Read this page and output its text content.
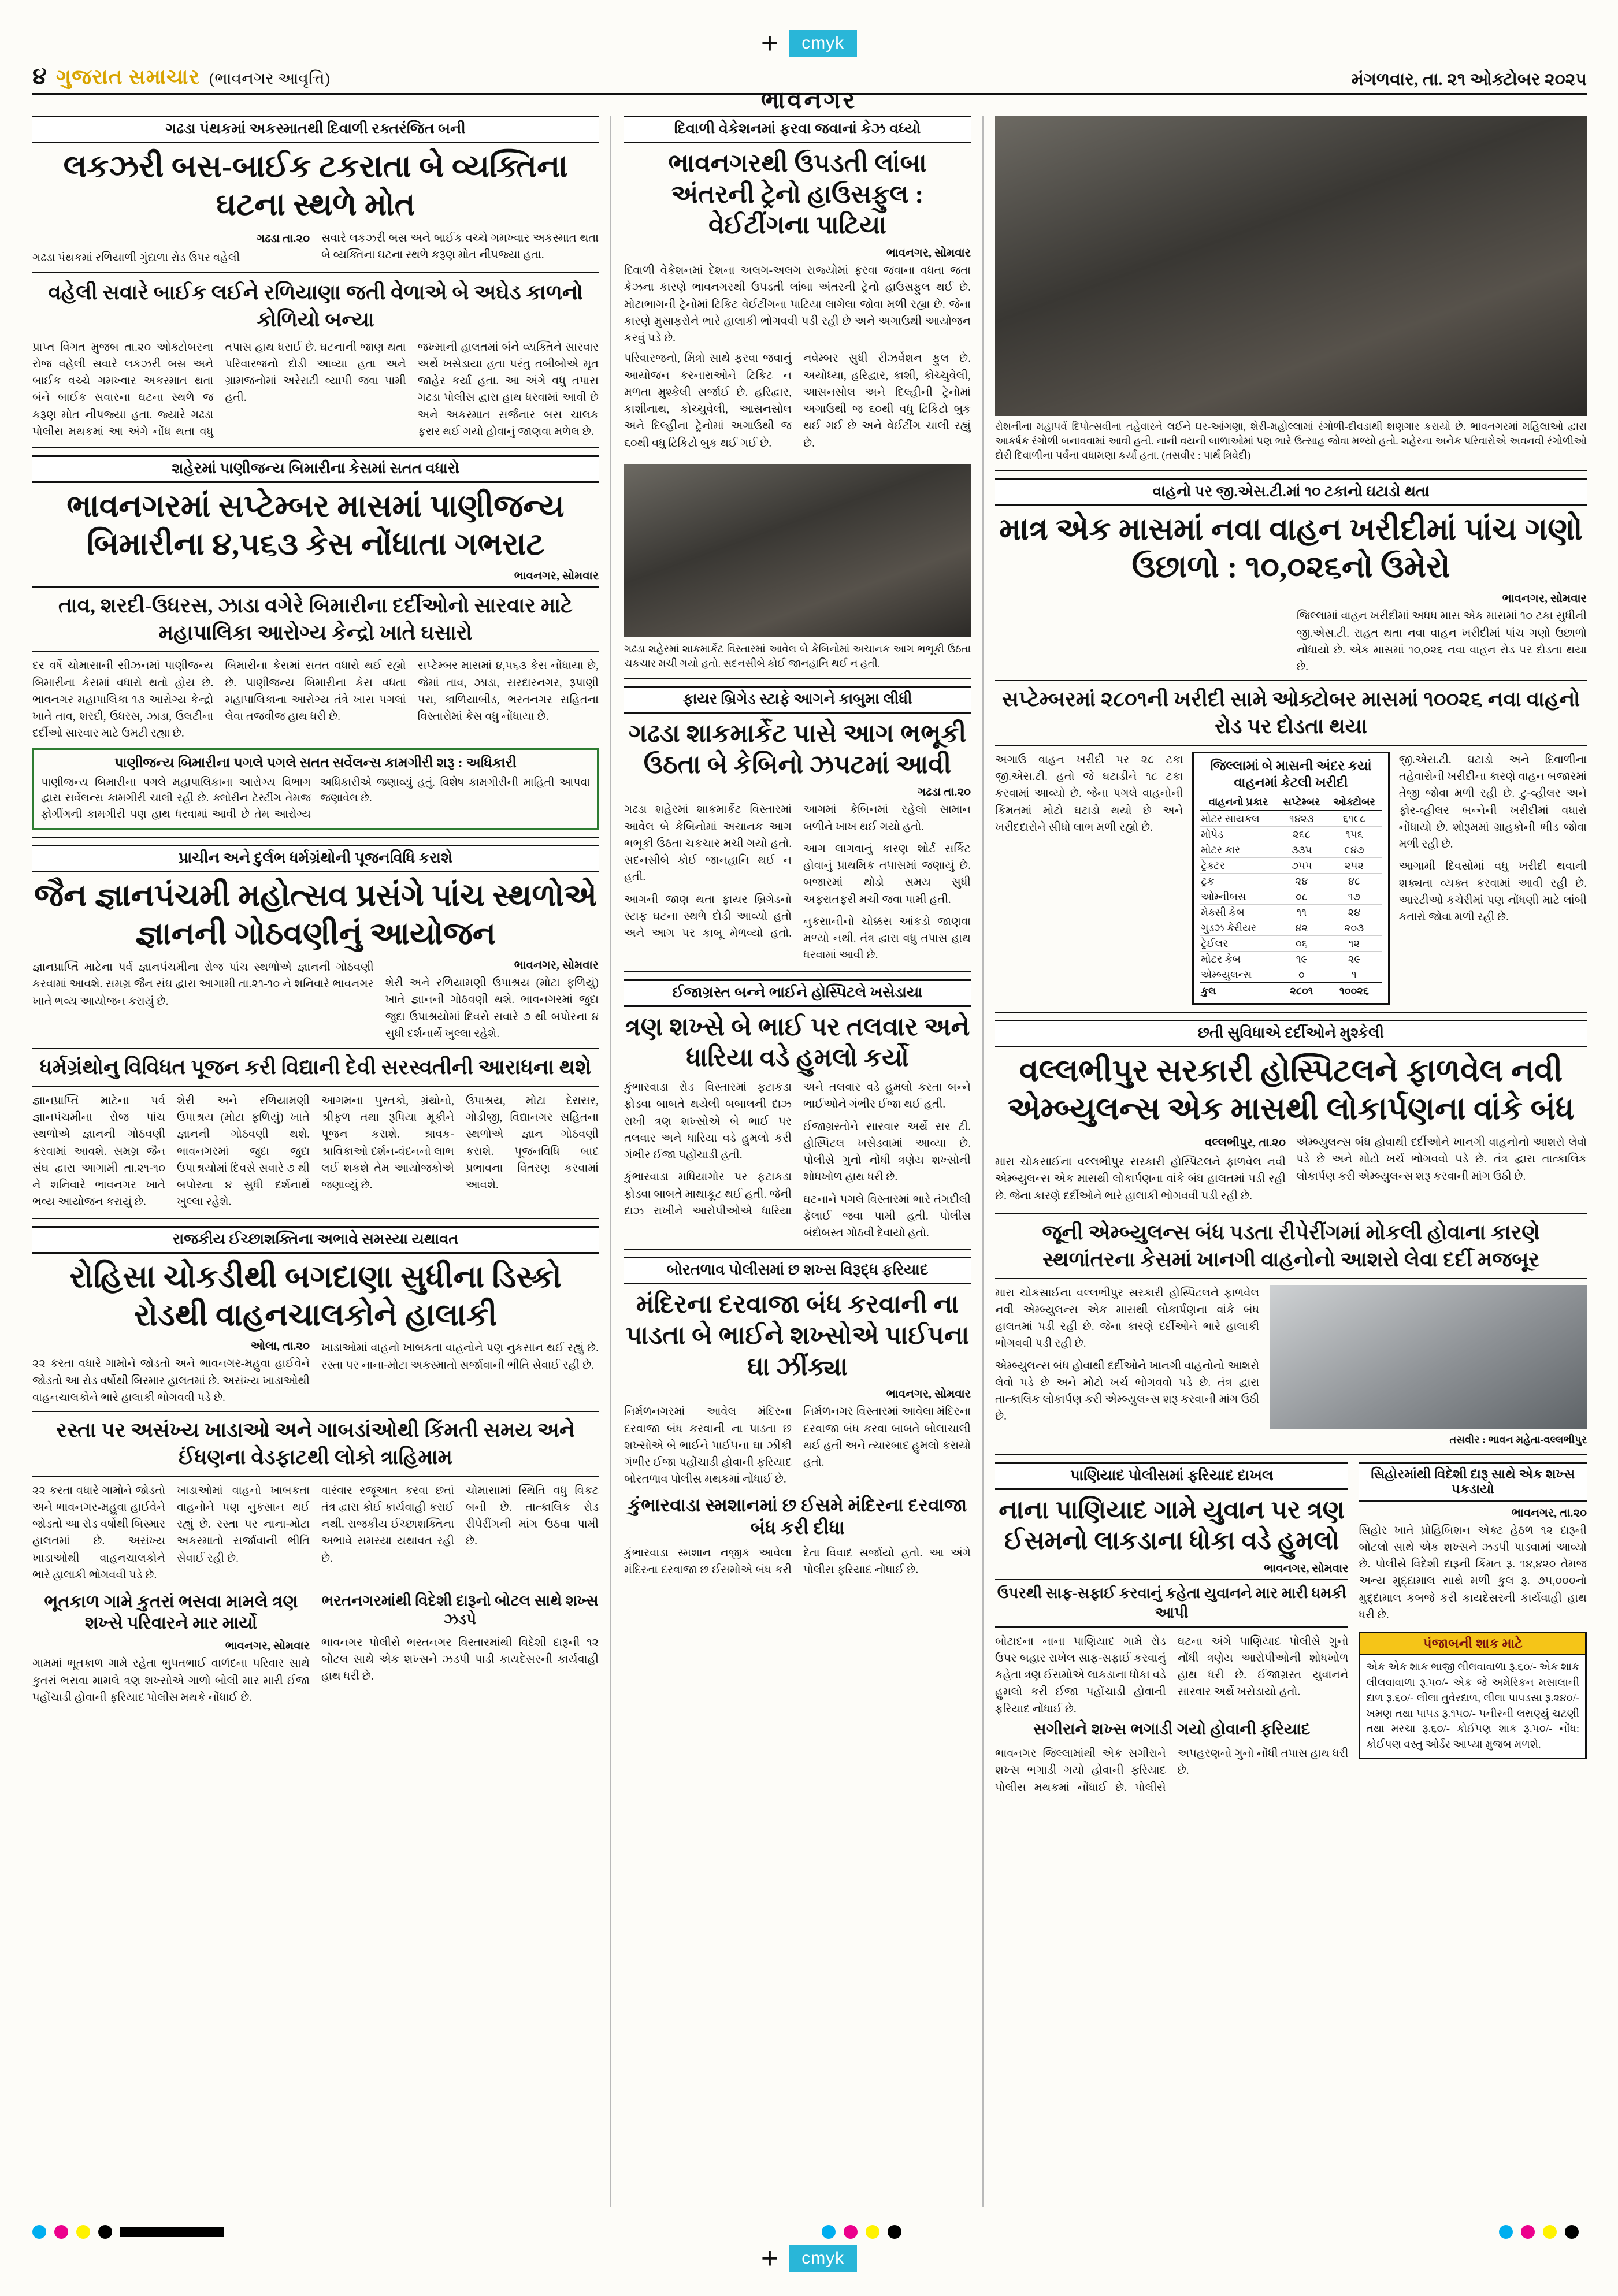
+	cmyk
૪ ગુજરાત સમાચાર (ભાવનગર આવૃત્તિ)	મંગળવાર, તા. ૨૧ ઓક્ટોબર ૨૦૨૫
ભાવનગર
ગઢડા પંથકમાં અકસ્માતથી દિવાળી રક્તરંજિત બની
લકઝરી બસ-બાઈક ટકરાતા બે વ્યક્તિના ઘટના સ્થળે મોત
ગઢડા તા.૨૦
ગઢડા પંથકમાં રળિયાળી ગુંદાળા રોડ ઉપર વહેલી
સવારે લકઝરી બસ અને બાઈક વચ્ચે ગમખ્વાર અકસ્માત થતા બે વ્યક્તિના ઘટના સ્થળે કરૂણ મોત નીપજ્યા હતા.
વહેલી સવારે બાઈક લઈને રળિયાણા જતી વેળાએ બે અઘેડ કાળનો કોળિયો બન્યા

પ્રાપ્ત વિગત મુજબ તા.૨૦ ઓક્ટોબરના રોજ વહેલી સવારે લકઝરી બસ અને બાઈક વચ્ચે ગમખ્વાર અકસ્માત થતા બંને બાઈક સવારના ઘટના સ્થળે જ કરૂણ મોત નીપજ્યા હતા. જ્યારે ગઢડા પોલીસ મથકમાં આ અંગે નોંધ થતા વધુ તપાસ હાથ ધરાઈ છે. ઘટનાની જાણ થતા પરિવારજનો દોડી આવ્યા હતા અને ગ્રામજનોમાં અરેરાટી વ્યાપી જવા પામી હતી.

જખ્માની હાલતમાં બંને વ્યક્તિને સારવાર અર્થે ખસેડાયા હતા પરંતુ તબીબોએ મૃત જાહેર કર્યા હતા. આ અંગે વધુ તપાસ ગઢડા પોલીસ દ્વારા હાથ ધરવામાં આવી છે અને અકસ્માત સર્જનાર બસ ચાલક ફરાર થઈ ગયો હોવાનું જાણવા મળેલ છે.

શહેરમાં પાણીજન્ય બિમારીના કેસમાં સતત વધારો
ભાવનગરમાં સપ્ટેમ્બર માસમાં પાણીજન્ય બિમારીના ૪,૫૬૩ કેસ નોંધાતા ગભરાટ
ભાવનગર, સોમવાર
તાવ, શરદી-ઉધરસ, ઝાડા વગેરે બિમારીના દર્દીઓનો સારવાર માટે મહાપાલિકા આરોગ્ય કેન્દ્રો ખાતે ઘસારો

દર વર્ષે ચોમાસાની સીઝનમાં પાણીજન્ય બિમારીના કેસમાં વધારો થતો હોય છે. ભાવનગર મહાપાલિકા ૧૩ આરોગ્ય કેન્દ્રો ખાતે તાવ, શરદી, ઉધરસ, ઝાડા, ઉલટીના દર્દીઓ સારવાર માટે ઉમટી રહ્યા છે.

બિમારીના કેસમાં સતત વધારો થઈ રહ્યો છે. પાણીજન્ય બિમારીના કેસ વધતા મહાપાલિકાના આરોગ્ય તંત્રે ખાસ પગલાં લેવા તજવીજ હાથ ધરી છે.

સપ્ટેમ્બર માસમાં ૪,૫૬૩ કેસ નોંધાયા છે, જેમાં તાવ, ઝાડા, સરદારનગર, રૂપાણી પરા, કાળિયાબીડ, ભરતનગર સહિતના વિસ્તારોમાં કેસ વધુ નોંધાયા છે.

પાણીજન્ય બિમારીના પગલે પગલે સતત સર્વેલન્સ કામગીરી શરૂ : અધિકારી
પાણીજન્ય બિમારીના પગલે મહાપાલિકાના આરોગ્ય વિભાગ દ્વારા સર્વેલન્સ કામગીરી ચાલી રહી છે. ક્લોરીન ટેસ્ટીંગ તેમજ ફોગીંગની કામગીરી પણ હાથ ધરવામાં આવી છે તેમ આરોગ્ય અધિકારીએ જણાવ્યું હતું. વિશેષ કામગીરીની માહિતી આપવા જણાવેલ છે.
પ્રાચીન અને દુર્લભ ધર્મગ્રંથોની પૂજનવિધિ કરાશે
જૈન જ્ઞાનપંચમી મહોત્સવ પ્રસંગે પાંચ સ્થળોએ જ્ઞાનની ગોઠવણીનું આયોજન
જ્ઞાનપ્રાપ્તિ માટેના પર્વ જ્ઞાનપંચમીના રોજ પાંચ સ્થળોએ જ્ઞાનની ગોઠવણી કરવામાં આવશે. સમગ્ર જૈન સંઘ દ્વારા આગામી તા.૨૧-૧૦ ને શનિવારે ભાવનગર ખાતે ભવ્ય આયોજન કરાયું છે.
ભાવનગર, સોમવાર
શેરી અને રળિયામણી ઉપાશ્રય (મોટા ફળિયું) ખાતે જ્ઞાનની ગોઠવણી થશે. ભાવનગરમાં જુદા જુદા ઉપાશ્રયોમાં દિવસે સવારે ૭ થી બપોરના ૪ સુધી દર્શનાર્થે ખુલ્લા રહેશે.
ધર્મગ્રંથોનુ વિવિધત પૂજન કરી વિદ્યાની દેવી સરસ્વતીની આરાધના થશે

જ્ઞાનપ્રાપ્તિ માટેના પર્વ જ્ઞાનપંચમીના રોજ પાંચ સ્થળોએ જ્ઞાનની ગોઠવણી કરવામાં આવશે. સમગ્ર જૈન સંઘ દ્વારા આગામી તા.૨૧-૧૦ ને શનિવારે ભાવનગર ખાતે ભવ્ય આયોજન કરાયું છે.

શેરી અને રળિયામણી ઉપાશ્રય (મોટા ફળિયું) ખાતે જ્ઞાનની ગોઠવણી થશે. ભાવનગરમાં જુદા જુદા ઉપાશ્રયોમાં દિવસે સવારે ૭ થી બપોરના ૪ સુધી દર્શનાર્થે ખુલ્લા રહેશે.

આગમના પુસ્તકો, ગ્રંથોનો, શ્રીફળ તથા રૂપિયા મૂકીને પૂજન કરાશે. શ્રાવક-શ્રાવિકાઓ દર્શન-વંદનનો લાભ લઈ શકશે તેમ આયોજકોએ જણાવ્યું છે.

ઉપાશ્રય, મોટા દેરાસર, ગોડીજી, વિદ્યાનગર સહિતના સ્થળોએ જ્ઞાન ગોઠવણી કરાશે. પૂજનવિધિ બાદ પ્રભાવના વિતરણ કરવામાં આવશે.

રાજકીય ઈચ્છાશક્તિના અભાવે સમસ્યા યથાવત
રોહિસા ચોકડીથી બગદાણા સુધીના ડિસ્કો રોડથી વાહનચાલકોને હાલાકી
ઓલા, તા.૨૦
૨૨ કરતા વધારે ગામોને જોડતો અને ભાવનગર-મહુવા હાઈવેને જોડતો આ રોડ વર્ષોથી બિસ્માર હાલતમાં છે. અસંખ્ય ખાડાઓથી વાહનચાલકોને ભારે હાલાકી ભોગવવી પડે છે.
ખાડાઓમાં વાહનો ખાબકતા વાહનોને પણ નુકસાન થઈ રહ્યું છે. રસ્તા પર નાના-મોટા અકસ્માતો સર્જાવાની ભીતિ સેવાઈ રહી છે.
રસ્તા પર અસંખ્ય ખાડાઓ અને ગાબડાંઓથી કિંમતી સમય અને ઈંધણના વેડફાટથી લોકો ત્રાહિમામ

૨૨ કરતા વધારે ગામોને જોડતો અને ભાવનગર-મહુવા હાઈવેને જોડતો આ રોડ વર્ષોથી બિસ્માર હાલતમાં છે. અસંખ્ય ખાડાઓથી વાહનચાલકોને ભારે હાલાકી ભોગવવી પડે છે.

ખાડાઓમાં વાહનો ખાબકતા વાહનોને પણ નુકસાન થઈ રહ્યું છે. રસ્તા પર નાના-મોટા અકસ્માતો સર્જાવાની ભીતિ સેવાઈ રહી છે.

વારંવાર રજૂઆત કરવા છતાં તંત્ર દ્વારા કોઈ કાર્યવાહી કરાઈ નથી. રાજકીય ઈચ્છાશક્તિના અભાવે સમસ્યા યથાવત રહી છે.

ચોમાસામાં સ્થિતિ વધુ વિકટ બની છે. તાત્કાલિક રોડ રીપેરીંગની માંગ ઉઠવા પામી છે.

ભૂતકાળ ગામે કુતરાં ભસવા મામલે ત્રણ શખ્સે પરિવારને માર માર્યો
ભાવનગર, સોમવાર
ગામમાં ભૂતકાળ ગામે રહેતા ભુપતભાઈ વાળંદના પરિવાર સાથે કુતરાં ભસવા મામલે ત્રણ શખ્સોએ ગાળો બોલી માર મારી ઈજા પહોંચાડી હોવાની ફરિયાદ પોલીસ મથકે નોંધાઈ છે.
ભરતનગરમાંથી વિદેશી દારૂનો બોટલ સાથે શખ્સ ઝડપે
ભાવનગર પોલીસે ભરતનગર વિસ્તારમાંથી વિદેશી દારૂની ૧૨ બોટલ સાથે એક શખ્સને ઝડપી પાડી કાયદેસરની કાર્યવાહી હાથ ધરી છે.
દિવાળી વેકેશનમાં ફરવા જવાનાં કેઝ વધ્યો
ભાવનગરથી ઉપડતી લાંબા અંતરની ટ્રેનો હાઉસફુલ : વેઈટીંગના પાટિયા
ભાવનગર, સોમવાર
દિવાળી વેકેશનમાં દેશના અલગ-અલગ રાજ્યોમાં ફરવા જવાના વધતા જતા ક્રેઝના કારણે ભાવનગરથી ઉપડતી લાંબા અંતરની ટ્રેનો હાઉસફુલ થઈ છે. મોટાભાગની ટ્રેનોમાં ટિકિટ વેઈટીંગના પાટિયા લાગેલા જોવા મળી રહ્યા છે. જેના કારણે મુસાફરોને ભારે હાલાકી ભોગવવી પડી રહી છે અને અગાઉથી આયોજન કરવું પડે છે.

પરિવારજનો, મિત્રો સાથે ફરવા જવાનું આયોજન કરનારાઓને ટિકિટ ન મળતા મુશ્કેલી સર્જાઈ છે. હરિદ્વાર, કાશીનાથ, કોચ્ચુવેલી, આસનસોલ અને દિલ્હીના ટ્રેનોમાં અગાઉથી જ ૬૦થી વધુ ટિકિટો બુક થઈ ગઈ છે.

નવેમ્બર સુધી રીઝર્વેશન ફુલ છે. અયોધ્યા, હરિદ્વાર, કાશી, કોચ્ચુવેલી, આસનસોલ અને દિલ્હીની ટ્રેનોમાં અગાઉથી જ ૬૦થી વધુ ટિકિટો બુક થઈ ગઈ છે અને વેઈટીંગ ચાલી રહ્યું છે.

ગઢડા શહેરમાં શાકમાર્કેટ વિસ્તારમાં આવેલ બે કેબિનોમાં અચાનક આગ ભભૂકી ઉઠતા ચકચાર મચી ગયો હતો. સદનસીબે કોઈ જાનહાનિ થઈ ન હતી.
ફાયર બ્રિગેડ સ્ટાફે આગને કાબુમા લીધી
ગઢડા શાકમાર્કેટ પાસે આગ ભભૂકી ઉઠતા બે કેબિનો ઝપટમાં આવી
ગઢડા તા.૨૦

ગઢડા શહેરમાં શાકમાર્કેટ વિસ્તારમાં આવેલ બે કેબિનોમાં અચાનક આગ ભભૂકી ઉઠતા ચકચાર મચી ગયો હતો. સદનસીબે કોઈ જાનહાનિ થઈ ન હતી.

આગની જાણ થતા ફાયર બ્રિગેડનો સ્ટાફ ઘટના સ્થળે દોડી આવ્યો હતો અને આગ પર કાબૂ મેળવ્યો હતો. આગમાં કેબિનમાં રહેલો સામાન બળીને ખાખ થઈ ગયો હતો.

આગ લાગવાનું કારણ શોર્ટ સર્કિટ હોવાનું પ્રાથમિક તપાસમાં જણાયું છે. બજારમાં થોડો સમય સુધી અફરાતફરી મચી જવા પામી હતી.

નુકસાનીનો ચોક્કસ આંકડો જાણવા મળ્યો નથી. તંત્ર દ્વારા વધુ તપાસ હાથ ધરવામાં આવી છે.

ઈજાગ્રસ્ત બન્ને ભાઈને હોસ્પિટલે ખસેડાયા
ત્રણ શખ્સે બે ભાઈ પર તલવાર અને ધારિયા વડે હુમલો કર્યો

કુંભારવાડા રોડ વિસ્તારમાં ફટાકડા ફોડવા બાબતે થયેલી બબાલની દાઝ રાખી ત્રણ શખ્સોએ બે ભાઈ પર તલવાર અને ધારિયા વડે હુમલો કરી ગંભીર ઈજા પહોંચાડી હતી.

કુંભારવાડા મધિયાગોર પર ફટાકડા ફોડવા બાબતે માથાકૂટ થઈ હતી. જેની દાઝ રાખીને આરોપીઓએ ધારિયા અને તલવાર વડે હુમલો કરતા બન્ને ભાઈઓને ગંભીર ઈજા થઈ હતી.

ઈજાગ્રસ્તોને સારવાર અર્થે સર ટી. હોસ્પિટલ ખસેડવામાં આવ્યા છે. પોલીસે ગુનો નોંધી ત્રણેય શખ્સોની શોધખોળ હાથ ધરી છે.

ઘટનાને પગલે વિસ્તારમાં ભારે તંગદીલી ફેલાઈ જવા પામી હતી. પોલીસ બંદોબસ્ત ગોઠવી દેવાયો હતો.

બોરતળાવ પોલીસમાં છ શખ્સ વિરૂદ્ધ ફરિયાદ
મંદિરના દરવાજા બંધ કરવાની ના પાડતા બે ભાઈને શખ્સોએ પાઈપના ઘા ઝીંક્યા
ભાવનગર, સોમવાર

નિર્મળનગરમાં આવેલ મંદિરના દરવાજા બંધ કરવાની ના પાડતા છ શખ્સોએ બે ભાઈને પાઈપના ઘા ઝીંકી ગંભીર ઈજા પહોંચાડી હોવાની ફરિયાદ બોરતળાવ પોલીસ મથકમાં નોંધાઈ છે.

નિર્મળનગર વિસ્તારમાં આવેલા મંદિરના દરવાજા બંધ કરવા બાબતે બોલાચાલી થઈ હતી અને ત્યારબાદ હુમલો કરાયો હતો.

કુંભારવાડા સ્મશાનમાં છ ઈસમે મંદિરના દરવાજા બંધ કરી દીધા
કુંભારવાડા સ્મશાન નજીક આવેલા મંદિરના દરવાજા છ ઈસમોએ બંધ કરી દેતા વિવાદ સર્જાયો હતો. આ અંગે પોલીસ ફરિયાદ નોંધાઈ છે.
રોશનીના મહાપર્વ દિપોત્સવીના તહેવારને લઈને ઘર-આંગણા, શેરી-મહોલ્લામાં રંગોળી-દીવડાથી શણગાર કરાયો છે. ભાવનગરમાં મહિલાઓ દ્વારા આકર્ષક રંગોળી બનાવવામાં આવી હતી. નાની વયની બાળાઓમાં પણ ભારે ઉત્સાહ જોવા મળ્યો હતો. શહેરના અનેક પરિવારોએ અવનવી રંગોળીઓ દોરી દિવાળીના પર્વના વધામણા કર્યા હતા. (તસવીર : પાર્થ ત્રિવેદી)
વાહનો પર જી.એસ.ટી.માં ૧૦ ટકાનો ઘટાડો થતા
માત્ર એક માસમાં નવા વાહન ખરીદીમાં પાંચ ગણો ઉછાળો : ૧૦,૦૨૬નો ઉમેરો
ભાવનગર, સોમવાર
જિલ્લામાં વાહન ખરીદીમાં અધધ માસ એક માસમાં ૧૦ ટકા સુધીની જી.એસ.ટી. રાહત થતા નવા વાહન ખરીદીમાં પાંચ ગણો ઉછાળો નોંધાયો છે. એક માસમાં ૧૦,૦૨૬ નવા વાહન રોડ પર દોડતા થયા છે.
સપ્ટેમ્બરમાં ૨૮૦૧ની ખરીદી સામે ઓક્ટોબર માસમાં ૧૦૦૨૬ નવા વાહનો રોડ પર દોડતા થયા

અગાઉ વાહન ખરીદી પર ૨૮ ટકા જી.એસ.ટી. હતો જે ઘટાડીને ૧૮ ટકા કરવામાં આવ્યો છે. જેના પગલે વાહનોની કિંમતમાં મોટો ઘટાડો થયો છે અને ખરીદદારોને સીધો લાભ મળી રહ્યો છે.

જિલ્લામાં બે માસની અંદર કયાં વાહનમાં કેટલી ખરીદી
વાહનનો પ્રકાર	સપ્ટેમ્બર	ઓક્ટોબર
મોટર સાયકલ	૧૪૨૩	૬૧૯૮
મોપેડ	૨૬૮	૧૫૬
મોટર કાર	૩૩૫	૯૪૭
ટ્રેક્ટર	૭૫૫	૨૫૨
ટ્રક	૨૪	૪૮
ઓમ્નીબસ	૦૮	૧૭
મેક્સી કેબ	૧૧	૨૪
ગુડઝ કેરીયર	૪૨	૨૦૩
ટ્રેઈલર	૦૬	૧૨
મોટર કેબ	૧૯	૨૯
એમ્બ્યુલન્સ	૦	૧
કુલ	૨૮૦૧	૧૦૦૨૬

જી.એસ.ટી. ઘટાડો અને દિવાળીના તહેવારોની ખરીદીના કારણે વાહન બજારમાં તેજી જોવા મળી રહી છે. ટુ-વ્હીલર અને ફોર-વ્હીલર બન્નેની ખરીદીમાં વધારો નોંધાયો છે. શોરૂમમાં ગ્રાહકોની ભીડ જોવા મળી રહી છે.

આગામી દિવસોમાં વધુ ખરીદી થવાની શક્યતા વ્યક્ત કરવામાં આવી રહી છે. આરટીઓ કચેરીમાં પણ નોંધણી માટે લાંબી કતારો જોવા મળી રહી છે.

છતી સુવિધાએ દર્દીઓને મુશ્કેલી
વલ્લભીપુર સરકારી હોસ્પિટલને ફાળવેલ નવી એમ્બ્યુલન્સ એક માસથી લોકાર્પણના વાંકે બંધ
વલ્લભીપુર, તા.૨૦

મારા ચોકસાઈના વલ્લભીપુર સરકારી હોસ્પિટલને ફાળવેલ નવી એમ્બ્યુલન્સ એક માસથી લોકાર્પણના વાંકે બંધ હાલતમાં પડી રહી છે. જેના કારણે દર્દીઓને ભારે હાલાકી ભોગવવી પડી રહી છે.

એમ્બ્યુલન્સ બંધ હોવાથી દર્દીઓને ખાનગી વાહનોનો આશરો લેવો પડે છે અને મોટો ખર્ચ ભોગવવો પડે છે. તંત્ર દ્વારા તાત્કાલિક લોકાર્પણ કરી એમ્બ્યુલન્સ શરૂ કરવાની માંગ ઉઠી છે.

જૂની એમ્બ્યુલન્સ બંધ પડતા રીપેરીંગમાં મોકલી હોવાના કારણે સ્થળાંતરના કેસમાં ખાનગી વાહનોનો આશરો લેવા દર્દી મજબૂર

મારા ચોકસાઈના વલ્લભીપુર સરકારી હોસ્પિટલને ફાળવેલ નવી એમ્બ્યુલન્સ એક માસથી લોકાર્પણના વાંકે બંધ હાલતમાં પડી રહી છે. જેના કારણે દર્દીઓને ભારે હાલાકી ભોગવવી પડી રહી છે.

એમ્બ્યુલન્સ બંધ હોવાથી દર્દીઓને ખાનગી વાહનોનો આશરો લેવો પડે છે અને મોટો ખર્ચ ભોગવવો પડે છે. તંત્ર દ્વારા તાત્કાલિક લોકાર્પણ કરી એમ્બ્યુલન્સ શરૂ કરવાની માંગ ઉઠી છે.

તસવીર : ભાવન મહેતા-વલ્લભીપુર
પાણિયાદ પોલીસમાં ફરિયાદ દાખલ
નાના પાણિયાદ ગામે યુવાન પર ત્રણ ઈસમનો લાકડાના ધોકા વડે હુમલો
ભાવનગર, સોમવાર
ઉપરથી સાફ-સફાઈ કરવાનું કહેતા યુવાનને માર મારી ધમકી આપી

બોટાદના નાના પાણિયાદ ગામે રોડ ઉપર બહાર રાખેલ સાફ-સફાઈ કરવાનું કહેતા ત્રણ ઈસમોએ લાકડાના ધોકા વડે હુમલો કરી ઈજા પહોંચાડી હોવાની ફરિયાદ નોંધાઈ છે.

ઘટના અંગે પાણિયાદ પોલીસે ગુનો નોંધી ત્રણેય આરોપીઓની શોધખોળ હાથ ધરી છે. ઈજાગ્રસ્ત યુવાનને સારવાર અર્થે ખસેડાયો હતો.

સગીરાને શખ્સ ભગાડી ગયો હોવાની ફરિયાદ
ભાવનગર જિલ્લામાંથી એક સગીરાને શખ્સ ભગાડી ગયો હોવાની ફરિયાદ પોલીસ મથકમાં નોંધાઈ છે. પોલીસે અપહરણનો ગુનો નોંધી તપાસ હાથ ધરી છે.
સિહોરમાંથી વિદેશી દારૂ સાથે એક શખ્સ પકડાયો
ભાવનગર, તા.૨૦
સિહોર ખાતે પ્રોહિબિશન એક્ટ હેઠળ ૧૨ દારૂની બોટલો સાથે એક શખ્સને ઝડપી પાડવામાં આવ્યો છે. પોલીસે વિદેશી દારૂની કિંમત રૂ. ૧૪,૪૨૦ તેમજ અન્ય મુદ્દામાલ સાથે મળી કુલ રૂ. ૭૫,૦૦૦નો મુદ્દામાલ કબજે કરી કાયદેસરની કાર્યવાહી હાથ ધરી છે.
પંજાબની શાક માટે
એક એક શાક ભાજી લીલવાવાળા રૂ.૬૦/- એક શાક લીલવાવાળા રૂ.૫૦/- એક જે અમેરિકન મસાલાની દાળ રૂ.૬૦/- લીલા તુવેરદાળ, લીલા પાપડસા રૂ.૨૪૦/- ખમણ તથા પાપડ રૂ.૧૫૦/- પનીરની લસણ્યું ચટણી તથા મરચા રૂ.૬૦/- કોઈપણ શાક રૂ.૫૦/- નોંધ: કોઈપણ વસ્તુ ઓર્ડર આપ્યા મુજબ મળશે.
+	cmyk
